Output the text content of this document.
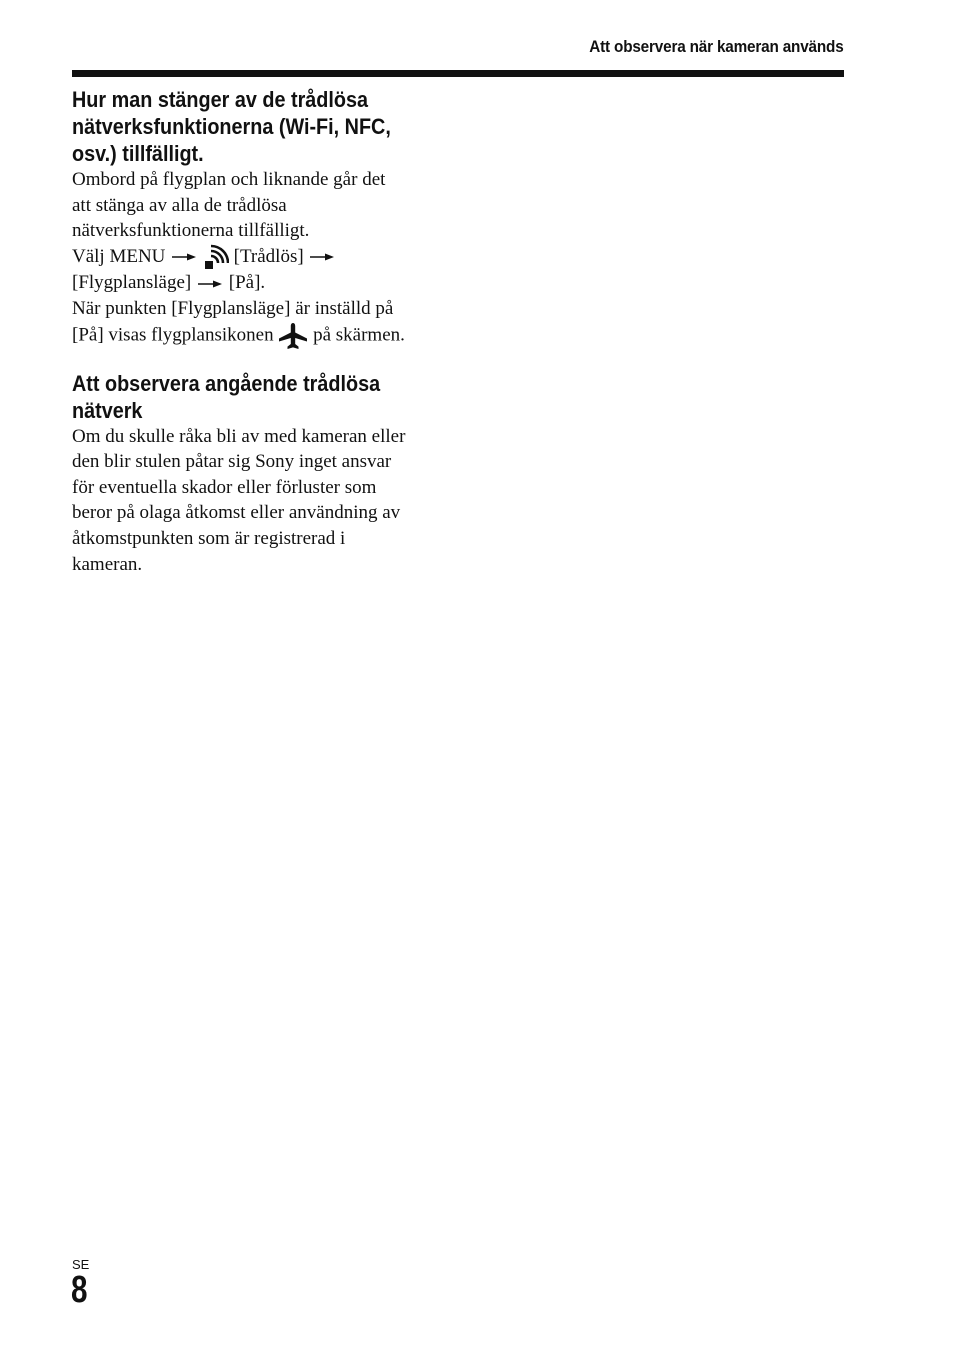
Att observera när kameran används
Hur man stänger av de trådlösa
nätverksfunktionerna (Wi-Fi, NFC,
osv.) tillfälligt.

Ombord på flygplan och liknande går det
att stänga av alla de trådlösa
nätverksfunktionerna tillfälligt.
Välj MENU	[Trådlös]
[Flygplansläge] [På].
När punkten [Flygplansläge] är inställd på
[På] visas flygplansikonen på skärmen.

Att observera angående trådlösa
nätverk

Om du skulle råka bli av med kameran eller
den blir stulen påtar sig Sony inget ansvar
för eventuella skador eller förluster som
beror på olaga åtkomst eller användning av
åtkomstpunkten som är registrerad i
kameran.

SE
8
